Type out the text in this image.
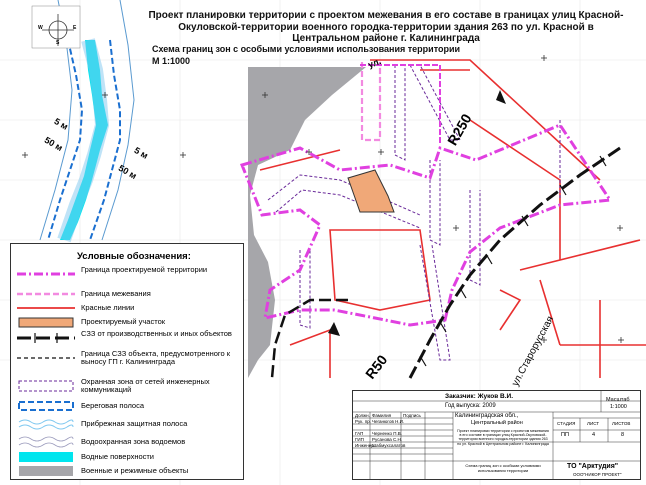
W	E
S
ул.
R250
R50	ул.Старорусская
5 м
50 м	5 м
50 м
Проект планировки территории с проектом межевания в его составе в границах улиц Красной-Окуловской-территории военного городка-территории здания 263 по ул. Красной в Центральном районе г. Калининграда
Схема границ зон с особыми условиями использования территории
М 1:1000
Условные обозначения:
Граница проектируемой территории
Граница межевания
Красные линии
Проектируемый участок
СЗЗ от производственных и иных объектов
Граница СЗЗ объекта, предусмотренного к выносу ГП г. Калининграда
Охранная зона от сетей инженерных коммуникаций
Береговая полоса
Прибрежная защитная полоса
Водоохранная зона водоемов
Водные поверхности
Военные и режимные объекты
Заказчик: Жуков В.И.
Год выпуска: 2009
Масштаб
1:1000
Калининградская обл.,
Центральный район
Должн. Фамилия	Подпись
Рук. пр. Чеганюгов Н.И.
ГАП Черненко П.В.
ГИП Русанова С.Н.
Инженер
Шабмухсалатов
Проект планировки территории с проектом межевания в его составе в границах улиц Красной-Окуловской-территории военного городка-территории здания 263 по ул. Красной в Центральном районе г. Калининграда
СТАДИЯ	ЛИСТ	ЛИСТОВ
ПП	4	8
Схема границ зон с особыми условиями использования территории
ТО "Арктудия"
ООО"НИКОР ПРОЕКТ"
